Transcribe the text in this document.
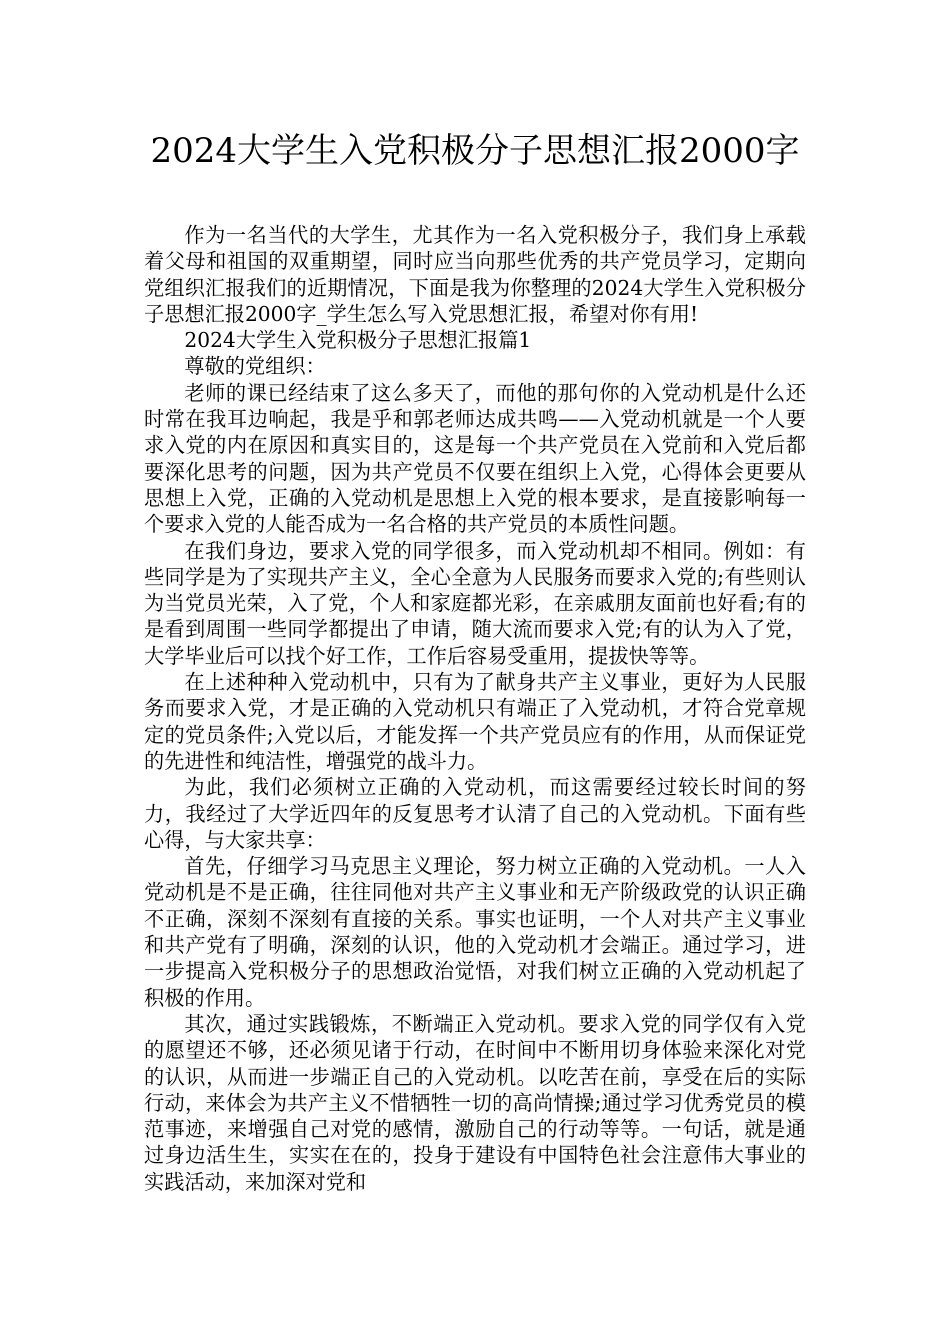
2024大学生入党积极分子思想汇报2000字

作为一名当代的大学生，尤其作为一名入党积极分子，我们身上承载着父母和祖国的双重期望，同时应当向那些优秀的共产党员学习，定期向党组织汇报我们的近期情况，下面是我为你整理的2024大学生入党积极分子思想汇报2000字_学生怎么写入党思想汇报，希望对你有用!

2024大学生入党积极分子思想汇报篇1

尊敬的党组织：

老师的课已经结束了这么多天了，而他的那句你的入党动机是什么还时常在我耳边响起，我是乎和郭老师达成共鸣——入党动机就是一个人要求入党的内在原因和真实目的，这是每一个共产党员在入党前和入党后都要深化思考的问题，因为共产党员不仅要在组织上入党，心得体会更要从思想上入党，正确的入党动机是思想上入党的根本要求，是直接影响每一个要求入党的人能否成为一名合格的共产党员的本质性问题。

在我们身边，要求入党的同学很多，而入党动机却不相同。例如：有些同学是为了实现共产主义，全心全意为人民服务而要求入党的;有些则认为当党员光荣，入了党，个人和家庭都光彩，在亲戚朋友面前也好看;有的是看到周围一些同学都提出了申请，随大流而要求入党;有的认为入了党，大学毕业后可以找个好工作，工作后容易受重用，提拔快等等。

在上述种种入党动机中，只有为了献身共产主义事业，更好为人民服务而要求入党，才是正确的入党动机只有端正了入党动机，才符合党章规定的党员条件;入党以后，才能发挥一个共产党员应有的作用，从而保证党的先进性和纯洁性，增强党的战斗力。

为此，我们必须树立正确的入党动机，而这需要经过较长时间的努力，我经过了大学近四年的反复思考才认清了自己的入党动机。下面有些心得，与大家共享：

首先，仔细学习马克思主义理论，努力树立正确的入党动机。一人入党动机是不是正确，往往同他对共产主义事业和无产阶级政党的认识正确不正确，深刻不深刻有直接的关系。事实也证明，一个人对共产主义事业和共产党有了明确，深刻的认识，他的入党动机才会端正。通过学习，进一步提高入党积极分子的思想政治觉悟，对我们树立正确的入党动机起了积极的作用。

其次，通过实践锻炼，不断端正入党动机。要求入党的同学仅有入党的愿望还不够，还必须见诸于行动，在时间中不断用切身体验来深化对党的认识，从而进一步端正自己的入党动机。以吃苦在前，享受在后的实际行动，来体会为共产主义不惜牺牲一切的高尚情操;通过学习优秀党员的模范事迹，来增强自己对党的感情，激励自己的行动等等。一句话，就是通过身边活生生，实实在在的，投身于建设有中国特色社会注意伟大事业的实践活动，来加深对党和
